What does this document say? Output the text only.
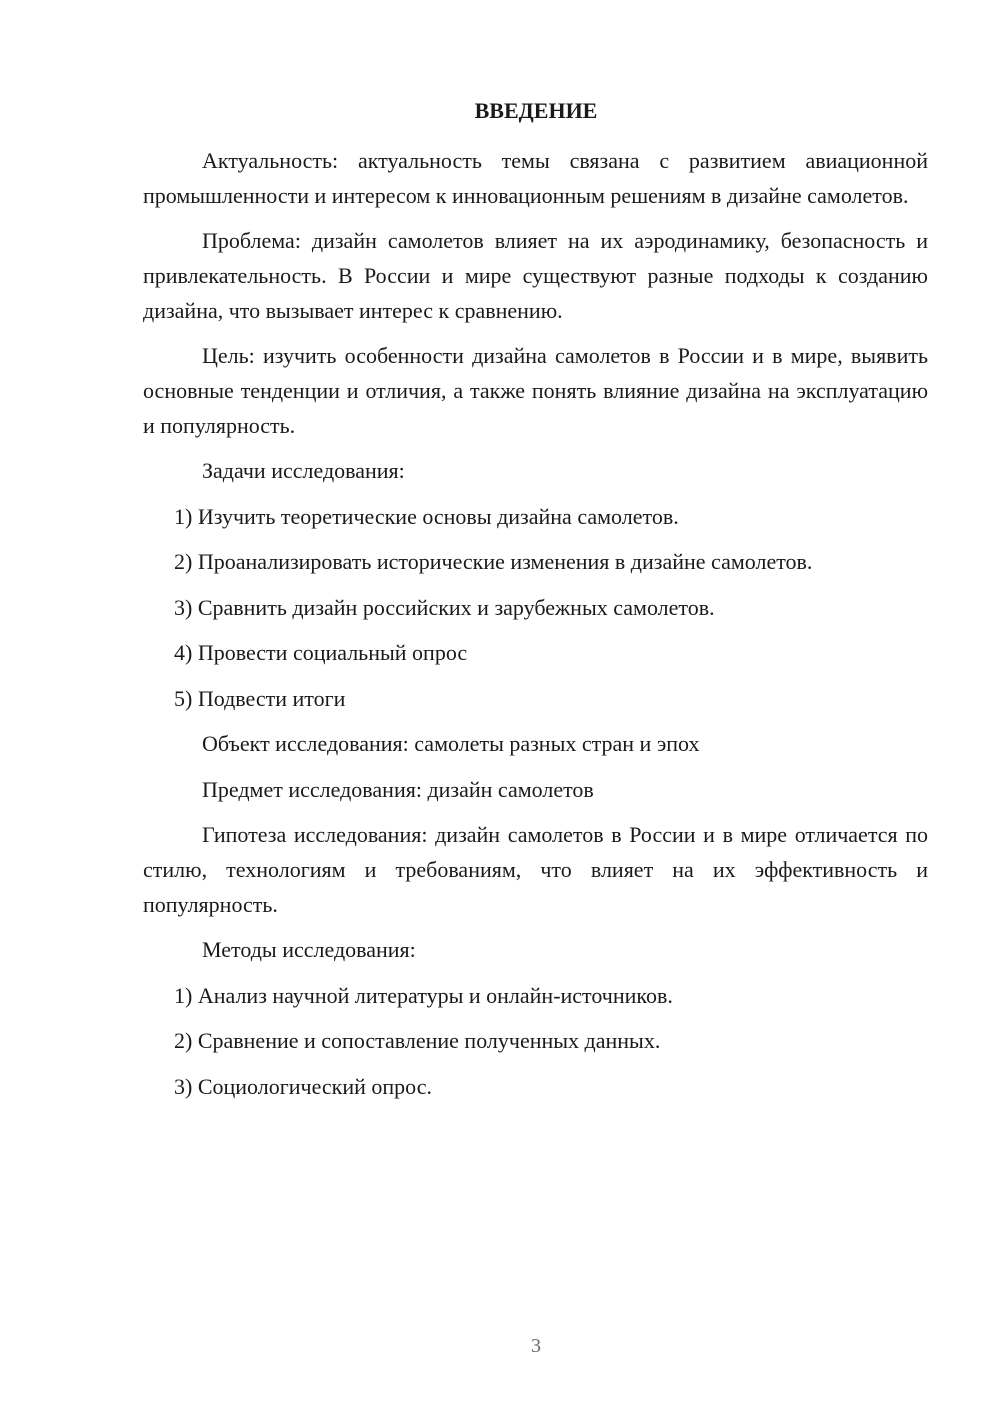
ВВЕДЕНИЕ

Актуальность: актуальность темы связана с развитием авиационной промышленности и интересом к инновационным решениям в дизайне самолетов.

Проблема: дизайн самолетов влияет на их аэродинамику, безопасность и привлекательность. В России и мире существуют разные подходы к созданию дизайна, что вызывает интерес к сравнению.

Цель: изучить особенности дизайна самолетов в России и в мире, выявить основные тенденции и отличия, а также понять влияние дизайна на эксплуатацию и популярность.

Задачи исследования:
1) Изучить теоретические основы дизайна самолетов.
2) Проанализировать исторические изменения в дизайне самолетов.
3) Сравнить дизайн российских и зарубежных самолетов.
4) Провести социальный опрос
5) Подвести итоги
Объект исследования: самолеты разных стран и эпох
Предмет исследования: дизайн самолетов

Гипотеза исследования: дизайн самолетов в России и в мире отличается по стилю, технологиям и требованиям, что влияет на их эффективность и популярность.

Методы исследования:
1) Анализ научной литературы и онлайн-источников.
2) Сравнение и сопоставление полученных данных.
3) Социологический опрос.
3
